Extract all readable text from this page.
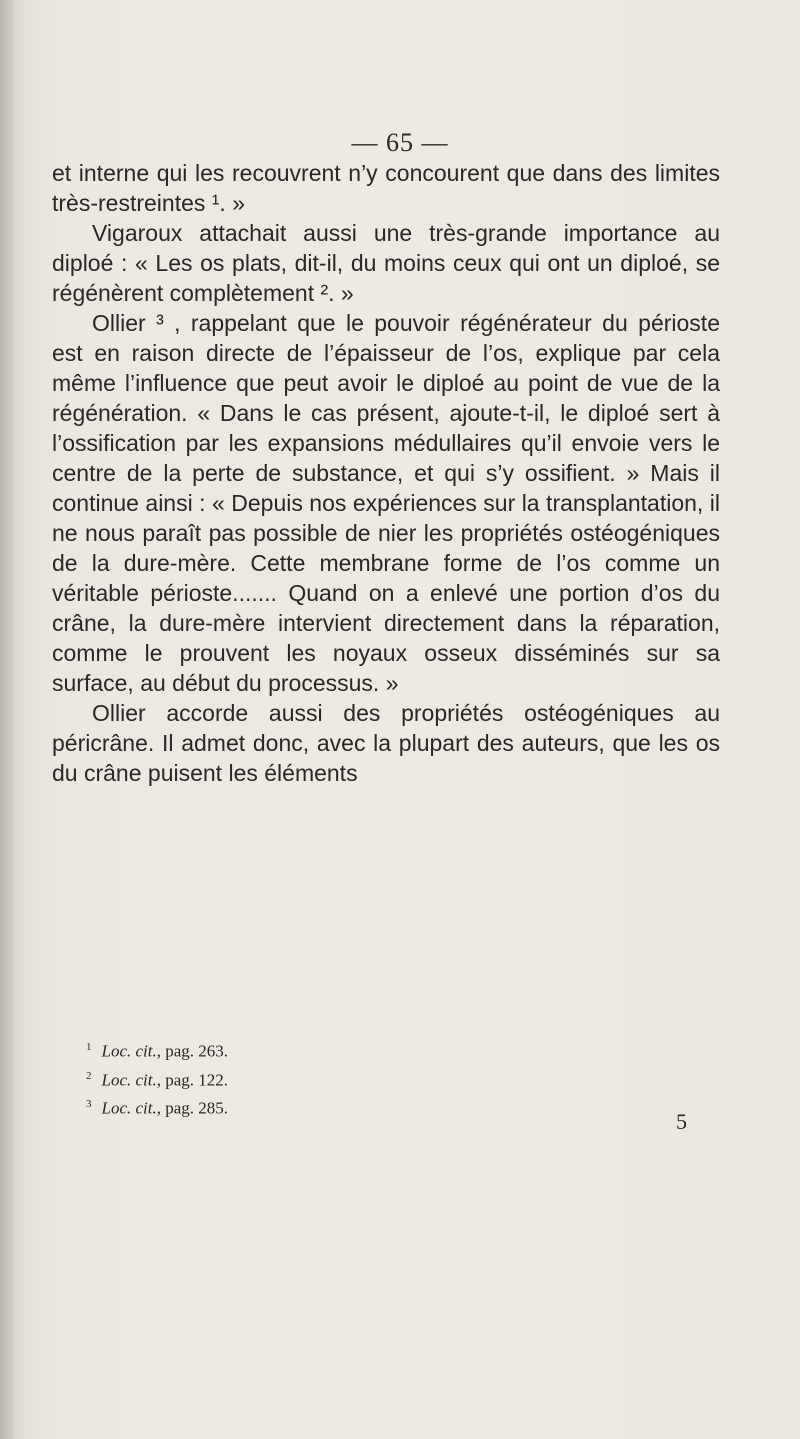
— 65 —

et interne qui les recouvrent n’y concourent que dans des limites très-restreintes ¹. »

Vigaroux attachait aussi une très-grande importance au diploé : « Les os plats, dit-il, du moins ceux qui ont un diploé, se régénèrent complètement ². »

Ollier ³ , rappelant que le pouvoir régénérateur du périoste est en raison directe de l’épaisseur de l’os, explique par cela même l’influence que peut avoir le diploé au point de vue de la régénération. « Dans le cas présent, ajoute-t-il, le diploé sert à l’ossification par les expansions médullaires qu’il envoie vers le centre de la perte de substance, et qui s’y ossifient. » Mais il continue ainsi : « Depuis nos expériences sur la transplantation, il ne nous paraît pas possible de nier les propriétés ostéogéniques de la dure-mère. Cette membrane forme de l’os comme un véritable périoste....... Quand on a enlevé une portion d’os du crâne, la dure-mère intervient directement dans la réparation, comme le prouvent les noyaux osseux disséminés sur sa surface, au début du processus. »

Ollier accorde aussi des propriétés ostéogéniques au péricrâne. Il admet donc, avec la plupart des auteurs, que les os du crâne puisent les éléments

$^1$ Loc. cit., pag. 263.

$^2$ Loc. cit., pag. 122.

$^3$ Loc. cit., pag. 285.

5
